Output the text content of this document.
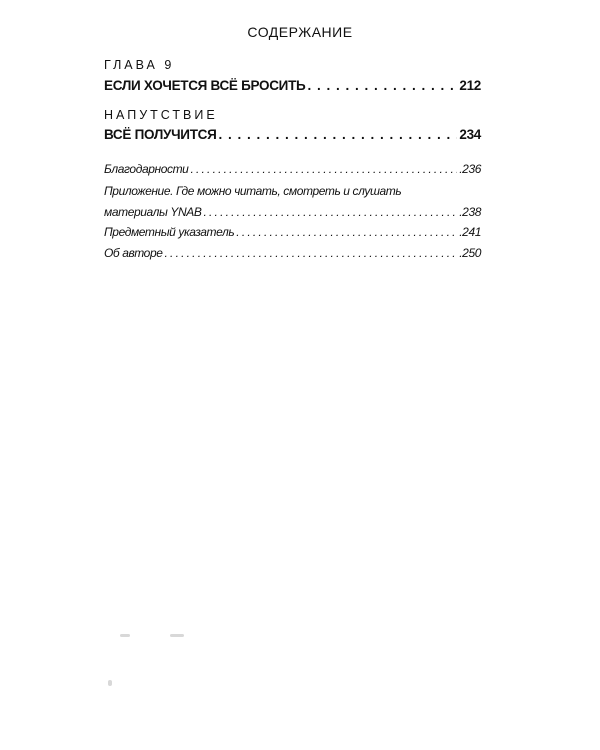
СОДЕРЖАНИЕ
ГЛАВА 9
ЕСЛИ ХОЧЕТСЯ ВСЁ БРОСИТЬ . . .	212
НАПУТСТВИЕ
ВСЁ ПОЛУЧИТСЯ . . .	234
Благодарности .....	.236
Приложение. Где можно читать, смотреть и слушать
материалы YNAB .....	.238
Предметный указатель .....	.241
Об авторе .....	.250
